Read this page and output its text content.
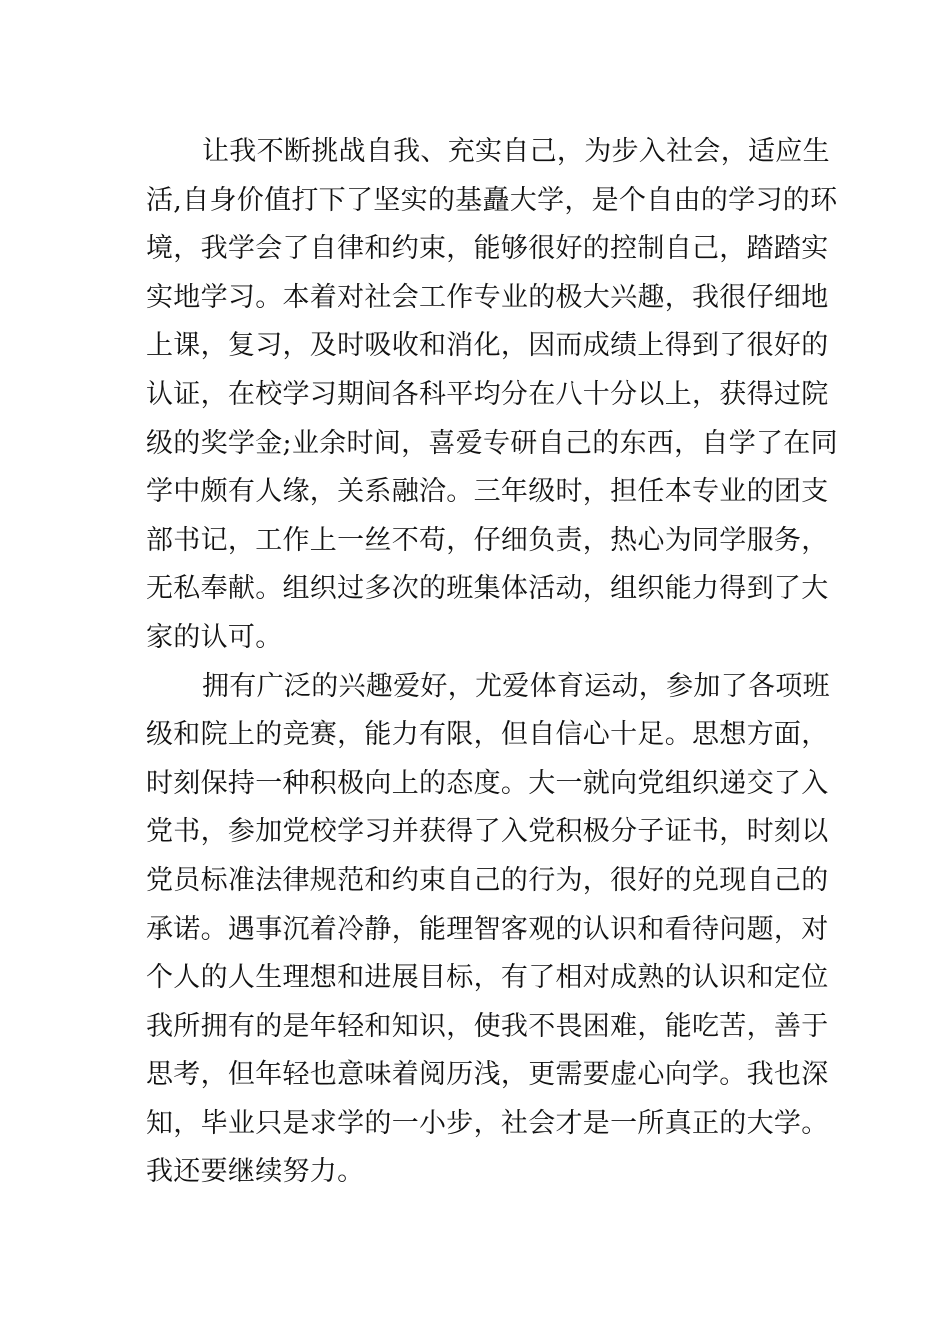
让我不断挑战自我、充实自己，为步入社会，适应生
活,自身价值打下了坚实的基矗大学，是个自由的学习的环
境，我学会了自律和约束，能够很好的控制自己，踏踏实
实地学习。本着对社会工作专业的极大兴趣，我很仔细地
上课，复习，及时吸收和消化，因而成绩上得到了很好的
认证，在校学习期间各科平均分在八十分以上，获得过院
级的奖学金;业余时间，喜爱专研自己的东西，自学了在同
学中颇有人缘，关系融洽。三年级时，担任本专业的团支
部书记，工作上一丝不苟，仔细负责，热心为同学服务，
无私奉献。组织过多次的班集体活动，组织能力得到了大
家的认可。
拥有广泛的兴趣爱好，尤爱体育运动，参加了各项班
级和院上的竞赛，能力有限，但自信心十足。思想方面，
时刻保持一种积极向上的态度。大一就向党组织递交了入
党书，参加党校学习并获得了入党积极分子证书，时刻以
党员标准法律规范和约束自己的行为，很好的兑现自己的
承诺。遇事沉着冷静，能理智客观的认识和看待问题，对
个人的人生理想和进展目标，有了相对成熟的认识和定位
我所拥有的是年轻和知识，使我不畏困难，能吃苦，善于
思考，但年轻也意味着阅历浅，更需要虚心向学。我也深
知，毕业只是求学的一小步，社会才是一所真正的大学。
我还要继续努力。
